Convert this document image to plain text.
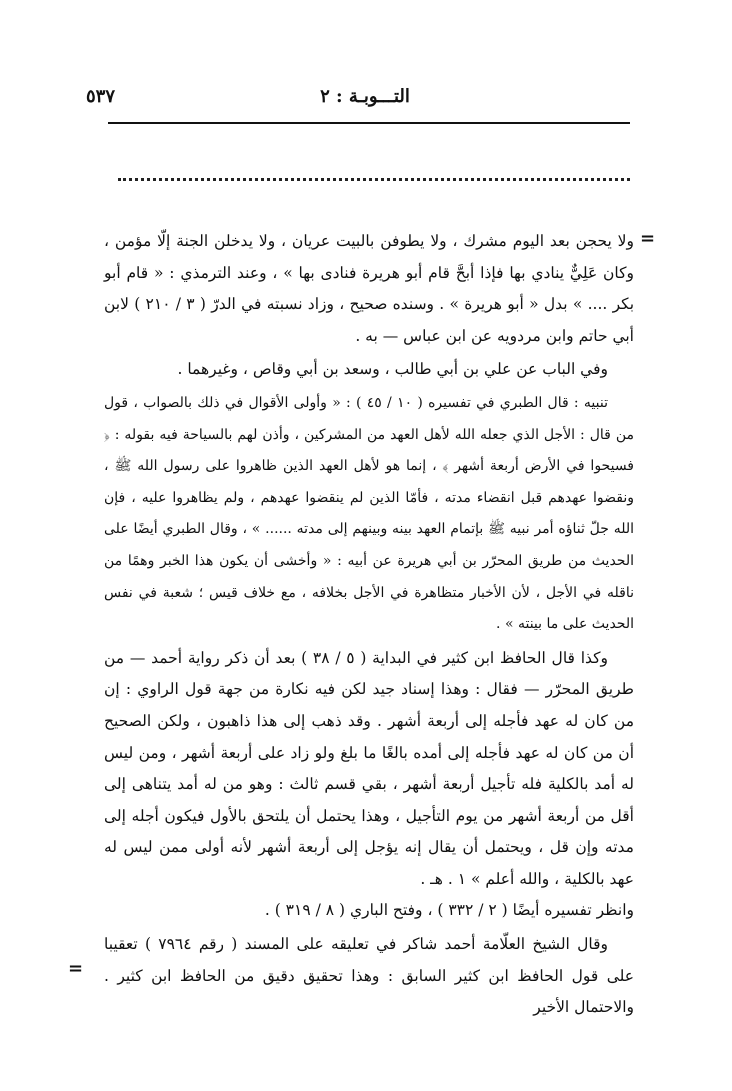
التـــوبـة : ٢
٥٣٧
=

ولا يحجن بعد اليوم مشرك ، ولا يطوفن بالبيت عريان ، ولا يدخلن الجنة إلّا مؤمن ، وكان عَلِيٌّ ينادي بها فإذا أبحَّ قام أبو هريرة فنادى بها » ، وعند الترمذي : « قام أبو بكر .... » بدل « أبو هريرة » . وسنده صحيح ، وزاد نسبته في الدرّ ( ٣ / ٢١٠ ) لابن أبي حاتم وابن مردويه عن ابن عباس — به .

وفي الباب عن علي بن أبي طالب ، وسعد بن أبي وقاص ، وغيرهما .

تنبيه : قال الطبري في تفسيره ( ١٠ / ٤٥ ) : « وأولى الأقوال في ذلك بالصواب ، قول من قال : الأجل الذي جعله الله لأهل العهد من المشركين ، وأذن لهم بالسياحة فيه بقوله : ﴿ فسيحوا في الأرض أربعة أشهر ﴾ ، إنما هو لأهل العهد الذين ظاهروا على رسول الله ﷺ ، ونقضوا عهدهم قبل انقضاء مدته ، فأمّا الذين لم ينقضوا عهدهم ، ولم يظاهروا عليه ، فإن الله جلّ ثناؤه أمر نبيه ﷺ بإتمام العهد بينه وبينهم إلى مدته ...... » ، وقال الطبري أيضًا على الحديث من طريق المحرّر بن أبي هريرة عن أبيه : « وأخشى أن يكون هذا الخبر وهمًا من ناقله في الأجل ، لأن الأخبار متظاهرة في الأجل بخلافه ، مع خلاف قيس ؛ شعبة في نفس الحديث على ما بينته » .

وكذا قال الحافظ ابن كثير في البداية ( ٥ / ٣٨ ) بعد أن ذكر رواية أحمد — من طريق المحرّر — فقال : وهذا إسناد جيد لكن فيه نكارة من جهة قول الراوي : إن من كان له عهد فأجله إلى أربعة أشهر . وقد ذهب إلى هذا ذاهبون ، ولكن الصحيح أن من كان له عهد فأجله إلى أمده بالغًا ما بلغ ولو زاد على أربعة أشهر ، ومن ليس له أمد بالكلية فله تأجيل أربعة أشهر ، بقي قسم ثالث : وهو من له أمد يتناهى إلى أقل من أربعة أشهر من يوم التأجيل ، وهذا يحتمل أن يلتحق بالأول فيكون أجله إلى مدته وإن قل ، ويحتمل أن يقال إنه يؤجل إلى أربعة أشهر لأنه أولى ممن ليس له عهد بالكلية ، والله أعلم » ١ . هـ .

وانظر تفسيره أيضًا ( ٢ / ٣٣٢ ) ، وفتح الباري ( ٨ / ٣١٩ ) .

وقال الشيخ العلّامة أحمد شاكر في تعليقه على المسند ( رقم ٧٩٦٤ ) تعقيبا على قول الحافظ ابن كثير السابق : وهذا تحقيق دقيق من الحافظ ابن كثير . والاحتمال الأخير

=
